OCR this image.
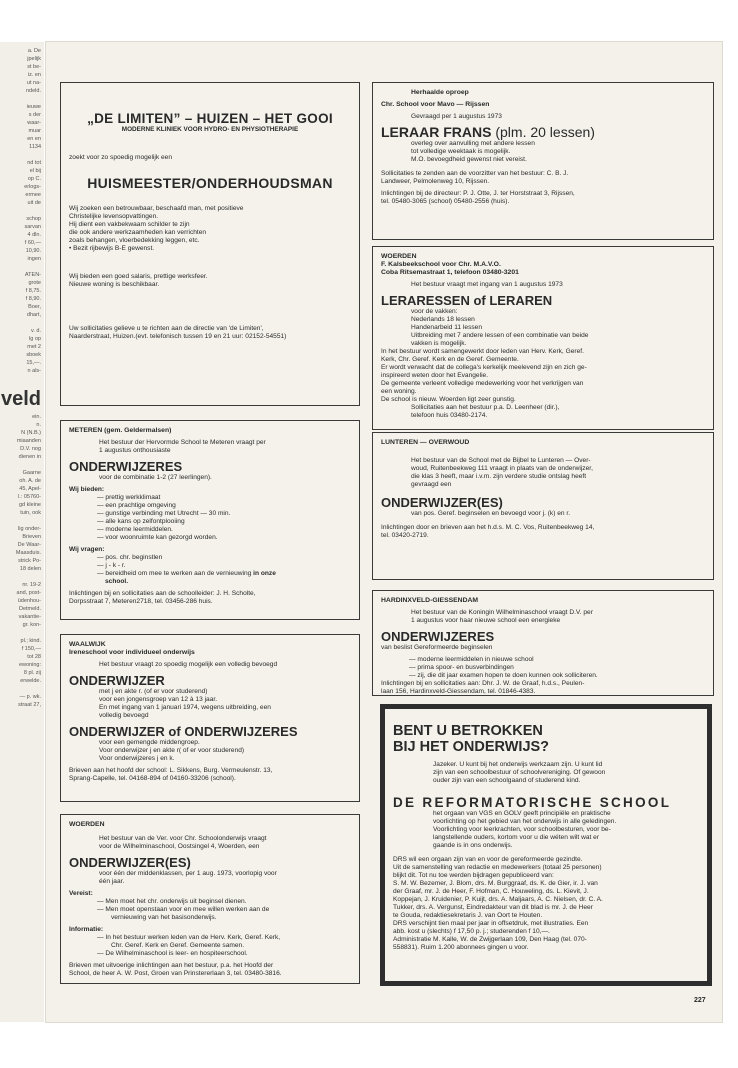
a. De
jpelijk
st be-
iz. en
ut na-
ndeld.
ieuwe
s der
waar-
muar
en en
1134
nd tot
el bij
op C.
erlogs-
ermee
uit de
schop
sarvan
4 dln.
f 60,—
10,90.
ingen
ATEN-
grote
f 8,75.
f 8,90.
Boer,
dhart,
v. d.
lg op
met 2
sboek
15,—.
n als-
veld
ein.
n.
N (N.B.)
miaanden
D.V. nog
dienen in
Gaarne
oh. A. de
45, Apel-
l.: 05760-
gd kleine
tuin, ook
lig onder-
Brieven
De Waar-
Maasduis.
strick Po-
18 delen
nr. 19-2
and, post-
üdenhou-
Detmeld.
vakantie-
gr. kon-
pl.; kind.
f 150,—
tot 28
ewoning:
8 pl. zij
erwelde.
— p. wk.
straat 27,
„DE LIMITEN” – HUIZEN – HET GOOI

MODERNE KLINIEK VOOR HYDRO- EN PHYSIOTHERAPIE

zoekt voor zo spoedig mogelijk een

HUISMEESTER/ONDERHOUDSMAN

Wij zoeken een betrouwbaar, beschaafd man, met positieve

Christelijke levensopvattingen.

Hij dient een vakbekwaam schilder te zijn

die ook andere werkzaamheden kan verrichten

zoals behangen, vloerbedekking leggen, etc.

• Bezit rijbewijs B-E gewenst.

Wij bieden een goed salaris, prettige werksfeer.

Nieuwe woning is beschikbaar.

Uw sollicitaties gelieve u te richten aan de directie van 'de Limiten',

Naarderstraat, Huizen.(evt. telefonisch tussen 19 en 21 uur: 02152-54551)

METEREN (gem. Geldermalsen)

Het bestuur der Hervormde School te Meteren vraagt per

1 augustus onthousiaste

ONDERWIJZERES

voor de combinatie 1-2 (27 leerlingen).

Wij bieden:

— prettig werkklimaat

— een prachtige omgeving

— gunstige verbinding met Utrecht — 30 min.

— alle kans op zelfontplooiing

— moderne leermiddelen.

— voor woonruimte kan gezorgd worden.

Wij vragen:

— pos. chr. beginstlen

— j - k - r.

— bereidheid om mee te werken aan de vernieuwing in onze

school.

Inlichtingen bij en sollicitaties aan de schoolleider: J. H. Scholte,

Dorpsstraat 7, Meteren2718, tel. 03456-286 huis.

WAALWIJK

Ireneschool voor individueel onderwijs

Het bestuur vraagt zo spoedig mogelijk een volledig bevoegd

ONDERWIJZER

met j en akte r. (of er voor studerend)

voor een jongensgroep van 12 à 13 jaar.

En met ingang van 1 januari 1974, wegens uitbreiding, een

volledig bevoegd

ONDERWIJZER of ONDERWIJZERES

voor een gemengde middengroep.

Voor onderwijzer j en akte r( of er voor studerend)

Voor onderwijzeres j en k.

Brieven aan het hoofd der school: L. Sikkens, Burg. Vermeulenstr. 13,

Sprang-Capelle, tel. 04168-894 of 04160-33206 (school).

WOERDEN

Het bestuur van de Ver. voor Chr. Schoolonderwijs vraagt

voor de Wilhelminaschool, Oostsingel 4, Woerden, een

ONDERWIJZER(ES)

voor één der middenklassen, per 1 aug. 1973, voorlopig voor

één jaar.

Vereist:

— Men moet het chr. onderwijs uit beginsel dienen.

— Men moet openstaan voor en mee willen werken aan de

vernieuwing van het basisonderwijs.

Informatie:

— In het bestuur werken leden van de Herv. Kerk, Geref. Kerk,

Chr. Geref. Kerk en Geref. Gemeente samen.

— De Wilhelminaschool is leer- en hospiteerschool.

Brieven met uitvoerige inlichtingen aan het bestuur, p.a. het Hoofd der

School, de heer A. W. Post, Groen van Prinstererlaan 3, tel. 03480-3816.

Herhaalde oproep

Chr. School voor Mavo — Rijssen

Gevraagd per 1 augustus 1973

LERAAR FRANS (plm. 20 lessen)

overleg over aanvulling met andere lessen

tot volledige weektaak is mogelijk.

M.O. bevoegdheid gewenst niet vereist.

Sollicitaties te zenden aan de voorzitter van het bestuur: C. B. J.

Landweer, Pelmolenweg 10, Rijssen.

Inlichtingen bij de directeur: P. J. Otte, J. ter Horststraat 3, Rijssen,

tel. 05480-3065 (school) 05480-2556 (huis).

WOERDEN

F. Kalsbeekschool voor Chr. M.A.V.O.

Coba Ritsemastraat 1, telefoon 03480-3201

Het bestuur vraagt met ingang van 1 augustus 1973

LERARESSEN of LERAREN

voor de vakken:

Nederlands 18 lessen

Handenarbeid 11 lessen

Uitbreiding met 7 andere lessen of een combinatie van beide

vakken is mogelijk.

In het bestuur wordt samengewerkt door leden van Herv. Kerk, Geref.

Kerk, Chr. Geref. Kerk en de Geref. Gemeente.

Er wordt verwacht dat de collega's kerkelijk meelevend zijn en zich ge-

inspireerd weten door het Evangelie.

De gemeente verleent volledige medewerking voor het verkrijgen van

een woning.

De school is nieuw. Woerden ligt zeer gunstig.

Sollicitaties aan het bestuur p.a. D. Leenheer (dir.),

telefoon huis 03480-2174.

LUNTEREN — OVERWOUD

Het bestuur van de School met de Bijbel te Lunteren — Over-

woud, Ruitenbeekweg 111 vraagt in plaats van de onderwijzer,

die klas 3 heeft, maar i.v.m. zijn verdere studie ontslag heeft

gevraagd een

ONDERWIJZER(ES)

van pos. Geref. beginselen en bevoegd voor j. (k) en r.

Inlichtingen door en brieven aan het h.d.s. M. C. Vos, Ruitenbeekweg 14,

tel. 03420-2719.

HARDINXVELD-GIESSENDAM

Het bestuur van de Koningin Wilhelminaschool vraagt D.V. per

1 augustus voor haar nieuwe school een energieke

ONDERWIJZERES

van beslist Gereformeerde beginselen

— moderne leermiddelen in nieuwe school

— prima spoor- en busverbindingen

— zij, die dit jaar examen hopen te doen kunnen ook solliciteren.

Inlichtingen bij en sollicitaties aan: Dhr. J. W. de Graaf, h.d.s., Peulen-

laan 156, Hardinxveld-Giessendam, tel. 01846-4383.

BENT U BETROKKEN
BIJ HET ONDERWIJS?

Jazeker. U kunt bij het onderwijs werkzaam zijn. U kunt lid

zijn van een schoolbestuur of schoolvereniging. Of gewoon

ouder zijn van een schoolgaand of studerend kind.

DE REFORMATORISCHE SCHOOL

het orgaan van VGS en GOLV geeft principiële en praktische

voorlichting op het gebied van het onderwijs in alle geledingen.

Voorlichting voor leerkrachten, voor schoolbesturen, voor be-

langstellende ouders, kortom voor u die wéten wilt wat er

gaande is in ons onderwijs.

DRS wil een orgaan zijn van en voor de gereformeerde gezindte.

Uit de samenstelling van redactie en medewerkers (totaal 25 personen)

blijkt dit. Tot nu toe werden bijdragen gepubliceerd van:

S. M. W. Bezemer, J. Blom, drs. M. Burggraaf, ds. K. de Gier, ir. J. van

der Graaf, mr. J. de Heer, F. Hofman, C. Houweling, ds. L. Kievit, J.

Koppejan, J. Kruidenier, P. Kuijt, drs. A. Maljaars, A. C. Nielsen, dr. C. A.

Tukker, drs. A. Vergunst, Eindredakteur van dit blad is mr. J. de Heer

te Gouda, redaktiesekretaris J. van Oort te Houten.

DRS verschijnt tien maal per jaar in offsetdruk, met illustraties. Een

abb. kost u (slechts) f 17,50 p. j.; studerenden f 10,—.

Administratie M. Kalle, W. de Zwijgerlaan 109, Den Haag (tel. 070-

558831). Ruim 1.200 abonnees gingen u voor.

227
